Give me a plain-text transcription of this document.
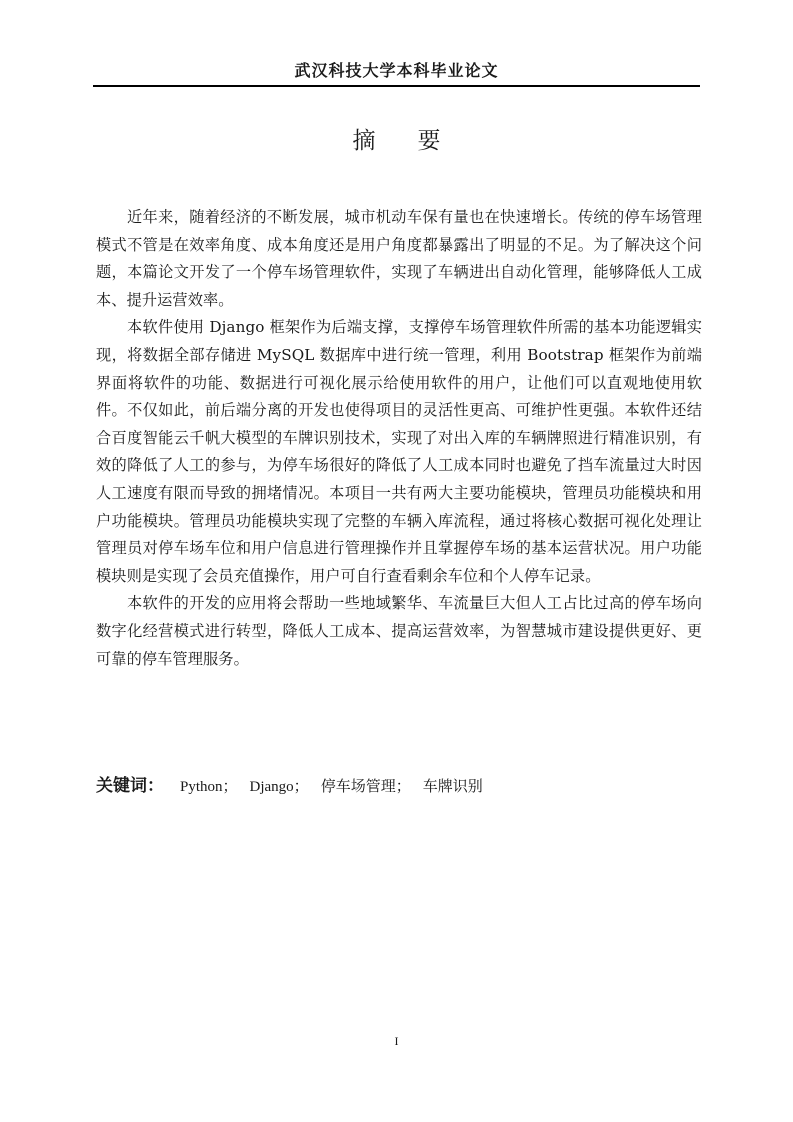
武汉科技大学本科毕业论文
摘 要

近年来，随着经济的不断发展，城市机动车保有量也在快速增长。传统的停车场管理模式不管是在效率角度、成本角度还是用户角度都暴露出了明显的不足。为了解决这个问题，本篇论文开发了一个停车场管理软件，实现了车辆进出自动化管理，能够降低人工成本、提升运营效率。

本软件使用 Django 框架作为后端支撑，支撑停车场管理软件所需的基本功能逻辑实现，将数据全部存储进 MySQL 数据库中进行统一管理，利用 Bootstrap 框架作为前端界面将软件的功能、数据进行可视化展示给使用软件的用户，让他们可以直观地使用软件。不仅如此，前后端分离的开发也使得项目的灵活性更高、可维护性更强。本软件还结合百度智能云千帆大模型的车牌识别技术，实现了对出入库的车辆牌照进行精准识别，有效的降低了人工的参与，为停车场很好的降低了人工成本同时也避免了挡车流量过大时因人工速度有限而导致的拥堵情况。本项目一共有两大主要功能模块，管理员功能模块和用户功能模块。管理员功能模块实现了完整的车辆入库流程，通过将核心数据可视化处理让管理员对停车场车位和用户信息进行管理操作并且掌握停车场的基本运营状况。用户功能模块则是实现了会员充值操作，用户可自行查看剩余车位和个人停车记录。

本软件的开发的应用将会帮助一些地域繁华、车流量巨大但人工占比过高的停车场向数字化经营模式进行转型，降低人工成本、提高运营效率，为智慧城市建设提供更好、更可靠的停车管理服务。

关键词： Python； Django； 停车场管理； 车牌识别
I
